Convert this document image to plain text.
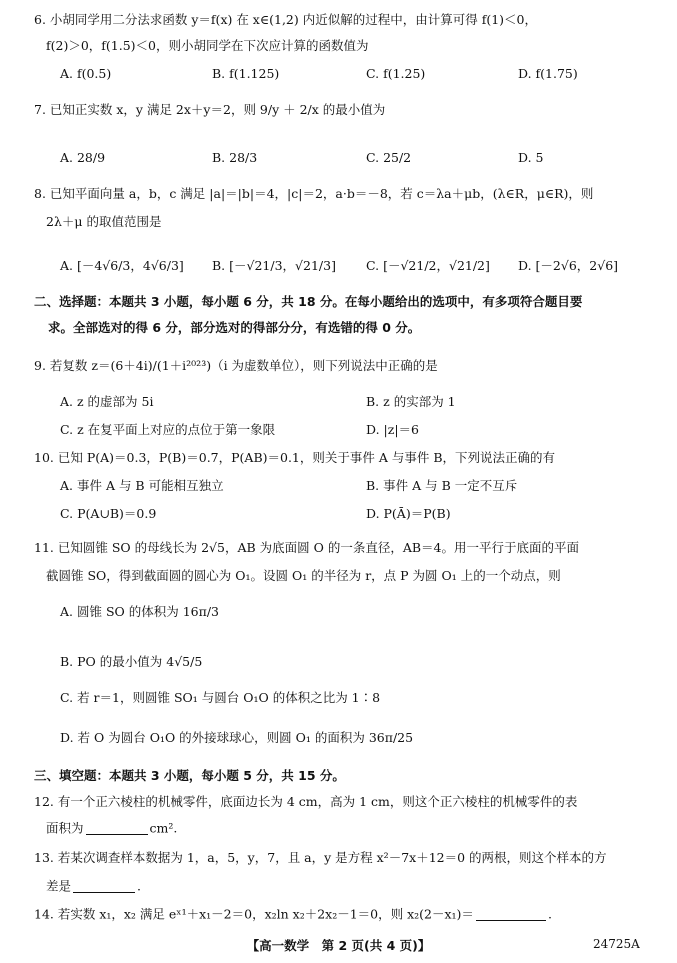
6. 小胡同学用二分法求函数 y＝f(x) 在 x∈(1,2) 内近似解的过程中，由计算可得 f(1)＜0，
f(2)＞0，f(1.5)＜0，则小胡同学在下次应计算的函数值为
A. f(0.5)	B. f(1.125)	C. f(1.25)	D. f(1.75)
7. 已知正实数 x，y 满足 2x＋y＝2，则 9/y ＋ 2/x 的最小值为
A. 28/9	B. 28/3	C. 25/2	D. 5
8. 已知平面向量 a，b，c 满足 |a|＝|b|＝4，|c|＝2，a·b＝－8，若 c＝λa＋μb，(λ∈R，μ∈R)，则
2λ＋μ 的取值范围是
A. [－4√6/3，4√6/3] B. [－√21/3，√21/3] C. [－√21/2，√21/2] D. [－2√6，2√6]
二、选择题：本题共 3 小题，每小题 6 分，共 18 分。在每小题给出的选项中，有多项符合题目要
求。全部选对的得 6 分，部分选对的得部分分，有选错的得 0 分。
9. 若复数 z＝(6＋4i)/(1＋i²⁰²³)（i 为虚数单位），则下列说法中正确的是
A. z 的虚部为 5i	B. z 的实部为 1
C. z 在复平面上对应的点位于第一象限	D. |z|＝6
10. 已知 P(A)＝0.3，P(B)＝0.7，P(AB)＝0.1，则关于事件 A 与事件 B，下列说法正确的有
A. 事件 A 与 B 可能相互独立	B. 事件 A 与 B 一定不互斥
C. P(A∪B)＝0.9	D. P(Ā)＝P(B)
11. 已知圆锥 SO 的母线长为 2√5，AB 为底面圆 O 的一条直径，AB＝4。用一平行于底面的平面
截圆锥 SO，得到截面圆的圆心为 O₁。设圆 O₁ 的半径为 r，点 P 为圆 O₁ 上的一个动点，则
A. 圆锥 SO 的体积为 16π/3
B. PO 的最小值为 4√5/5
C. 若 r＝1，则圆锥 SO₁ 与圆台 O₁O 的体积之比为 1∶8
D. 若 O 为圆台 O₁O 的外接球球心，则圆 O₁ 的面积为 36π/25
三、填空题：本题共 3 小题，每小题 5 分，共 15 分。
12. 有一个正六棱柱的机械零件，底面边长为 4 cm，高为 1 cm，则这个正六棱柱的机械零件的表
面积为	cm².
13. 若某次调查样本数据为 1，a，5，y，7，且 a，y 是方程 x²－7x＋12＝0 的两根，则这个样本的方
差是	.
14. 若实数 x₁，x₂ 满足 eˣ¹＋x₁－2＝0，x₂ln x₂＋2x₂－1＝0，则 x₂(2－x₁)＝	.
【高一数学　第 2 页(共 4 页)】	24725A
